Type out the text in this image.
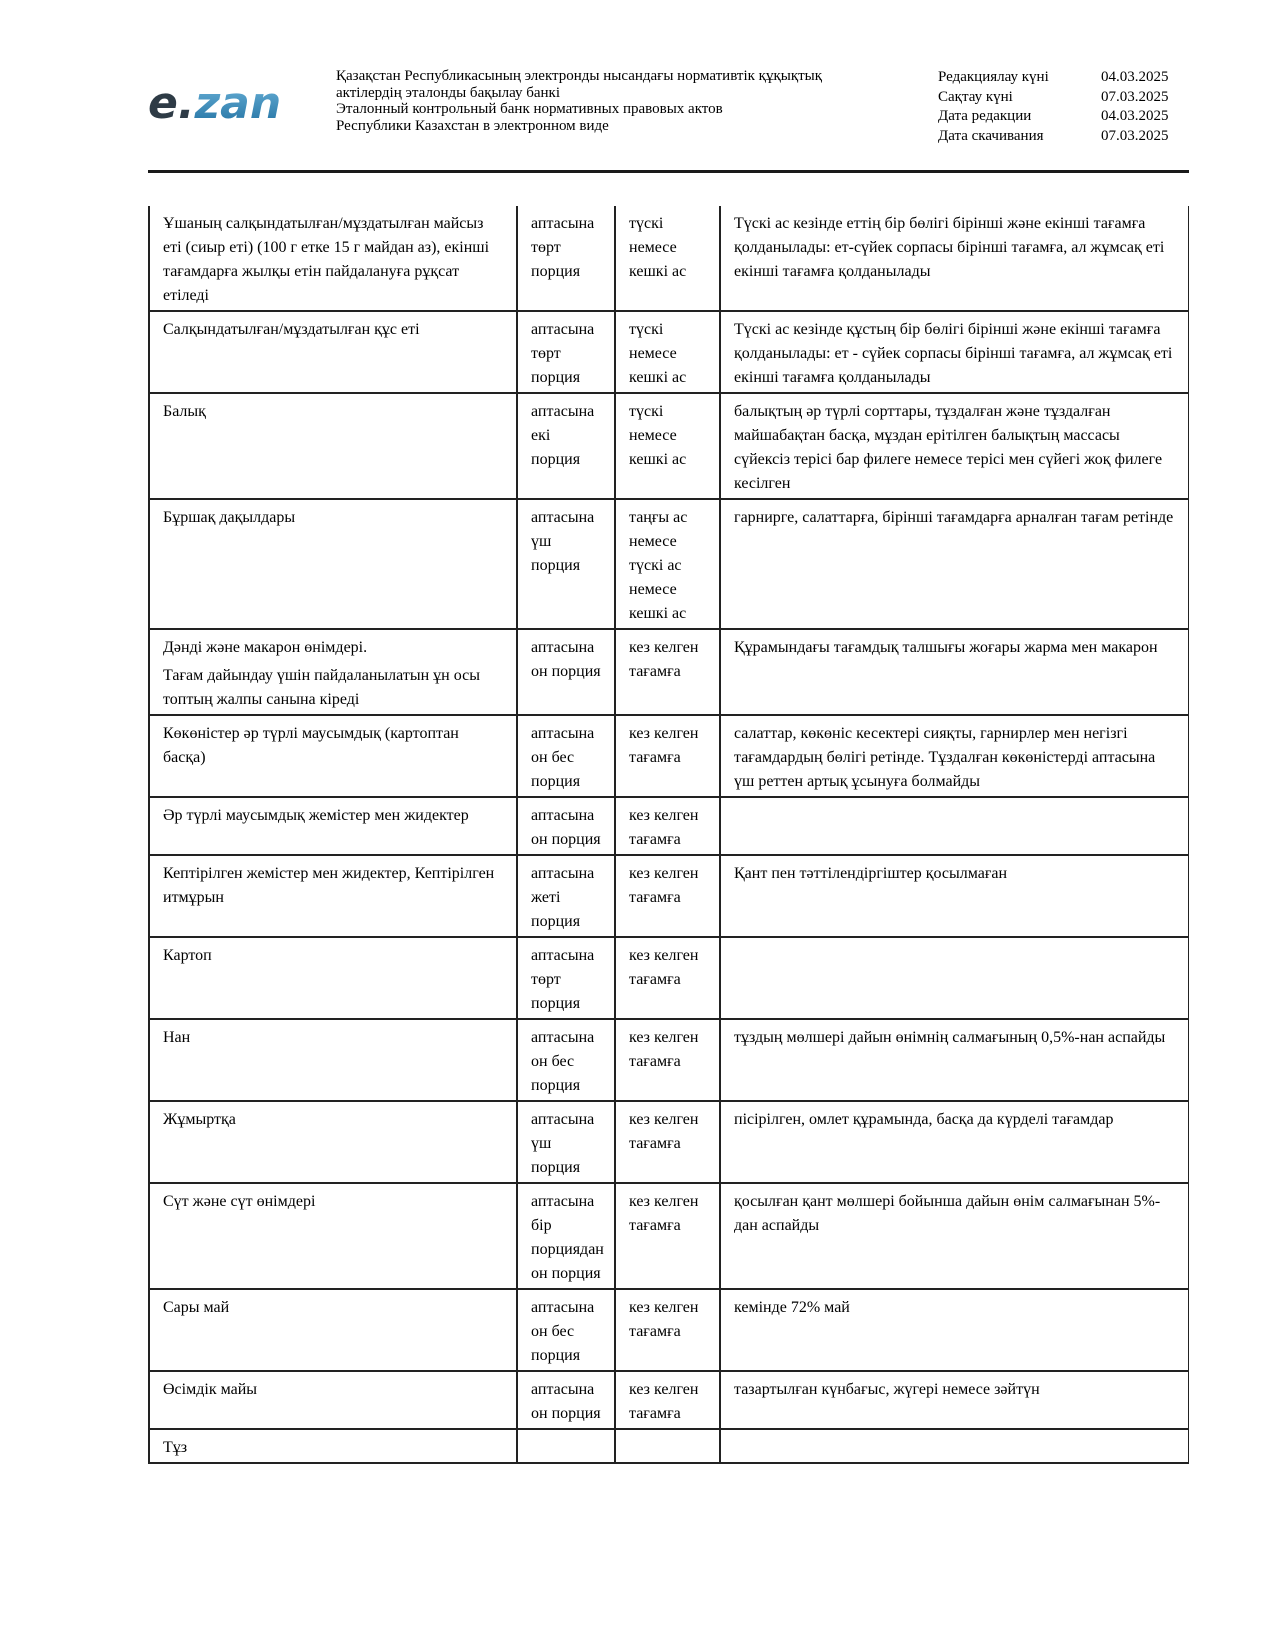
e.zan
Қазақстан Республикасының электронды нысандағы нормативтік құқықтық
актілердің эталонды бақылау банкі
Эталонный контрольный банк нормативных правовых актов
Республики Казахстан в электронном виде
Редакциялау күні	04.03.2025
Сақтау күні	07.03.2025
Дата редакции	04.03.2025
Дата скачивания	07.03.2025

Ұшаның салқындатылған/мұздатылған майсыз еті (сиыр еті) (100 г етке 15 г майдан аз), екінші тағамдарға жылқы етін пайдалануға рұқсат етіледі	аптасына төрт порция	түскі немесе кешкі ас	Түскі ас кезінде еттің бір бөлігі бірінші және екінші тағамға қолданылады: ет-сүйек сорпасы бірінші тағамға, ал жұмсақ еті екінші тағамға қолданылады

Салқындатылған/мұздатылған құс еті	аптасына төрт порция	түскі немесе кешкі ас	Түскі ас кезінде құстың бір бөлігі бірінші және екінші тағамға қолданылады: ет - сүйек сорпасы бірінші тағамға, ал жұмсақ еті екінші тағамға қолданылады

Балық	аптасына екі порция	түскі немесе кешкі ас	балықтың әр түрлі сорттары, тұздалған және тұздалған майшабақтан басқа, мұздан ерітілген балықтың массасы сүйексіз терісі бар филеге немесе терісі мен сүйегі жоқ филеге кесілген

Бұршақ дақылдары	аптасына үш порция	таңғы ас немесе түскі ас немесе кешкі ас	гарнирге, салаттарға, бірінші тағамдарға арналған тағам ретінде

Дәнді және макарон өнімдері.

Тағам дайындау үшін пайдаланылатын ұн осы топтың жалпы санына кіреді	аптасына он порция	кез келген тағамға	Құрамындағы тағамдық талшығы жоғары жарма мен макарон

Көкөністер әр түрлі маусымдық (картоптан басқа)	аптасына он бес порция	кез келген тағамға	салаттар, көкөніс кесектері сияқты, гарнирлер мен негізгі тағамдардың бөлігі ретінде. Тұздалған көкөністерді аптасына үш реттен артық ұсынуға болмайды

Әр түрлі маусымдық жемістер мен жидектер	аптасына он порция	кез келген тағамға	

Кептірілген жемістер мен жидектер, Кептірілген итмұрын	аптасына жеті порция	кез келген тағамға	Қант пен тәттілендіргіштер қосылмаған

Картоп	аптасына төрт порция	кез келген тағамға	

Нан	аптасына он бес порция	кез келген тағамға	тұздың мөлшері дайын өнімнің салмағының 0,5%-нан аспайды

Жұмыртқа	аптасына үш порция	кез келген тағамға	пісірілген, омлет құрамында, басқа да күрделі тағамдар

Сүт және сүт өнімдері	аптасына бір порциядан он порция	кез келген тағамға	қосылған қант мөлшері бойынша дайын өнім салмағынан 5%-дан аспайды

Сары май	аптасына он бес порция	кез келген тағамға	кемінде 72% май

Өсімдік майы	аптасына он порция	кез келген тағамға	тазартылған күнбағыс, жүгері немесе зәйтүн

Тұз			
